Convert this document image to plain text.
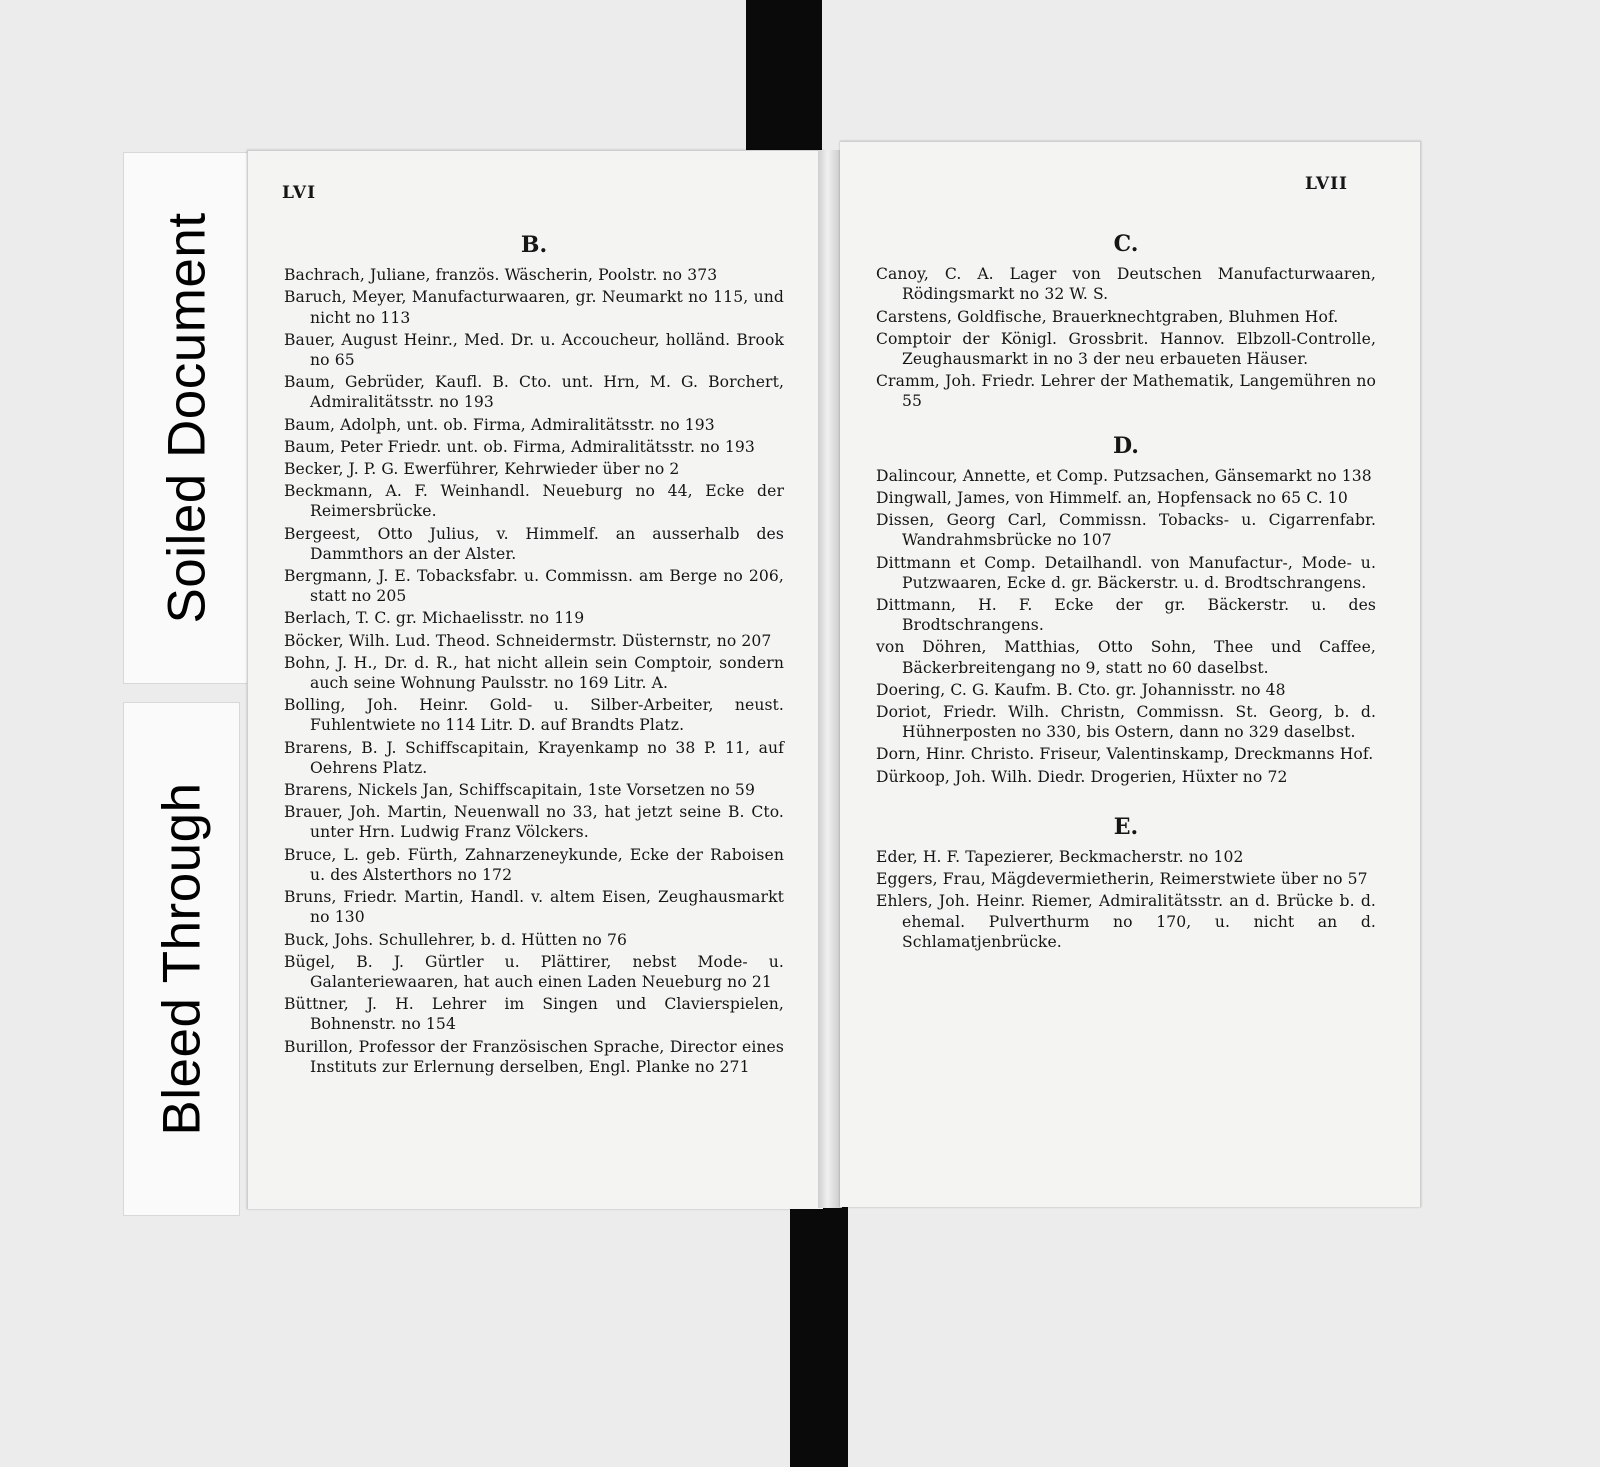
Soiled Document
Bleed Through
LVI
B.
Bachrach, Juliane, französ. Wäscherin, Poolstr. no 373
Baruch, Meyer, Manufacturwaaren, gr. Neumarkt no 115, und nicht no 113
Bauer, August Heinr., Med. Dr. u. Accoucheur, holländ. Brook no 65
Baum, Gebrüder, Kaufl. B. Cto. unt. Hrn, M. G. Borchert, Admiralitätsstr. no 193
Baum, Adolph, unt. ob. Firma, Admiralitätsstr. no 193
Baum, Peter Friedr. unt. ob. Firma, Admiralitätsstr. no 193
Becker, J. P. G. Ewerführer, Kehrwieder über no 2
Beckmann, A. F. Weinhandl. Neueburg no 44, Ecke der Reimersbrücke.
Bergeest, Otto Julius, v. Himmelf. an ausserhalb des Dammthors an der Alster.
Bergmann, J. E. Tobacksfabr. u. Commissn. am Berge no 206, statt no 205
Berlach, T. C. gr. Michaelisstr. no 119
Böcker, Wilh. Lud. Theod. Schneidermstr. Düsternstr, no 207
Bohn, J. H., Dr. d. R., hat nicht allein sein Comptoir, sondern auch seine Wohnung Paulsstr. no 169 Litr. A.
Bolling, Joh. Heinr. Gold- u. Silber-Arbeiter, neust. Fuhlentwiete no 114 Litr. D. auf Brandts Platz.
Brarens, B. J. Schiffscapitain, Krayenkamp no 38 P. 11, auf Oehrens Platz.
Brarens, Nickels Jan, Schiffscapitain, 1ste Vorsetzen no 59
Brauer, Joh. Martin, Neuenwall no 33, hat jetzt seine B. Cto. unter Hrn. Ludwig Franz Völckers.
Bruce, L. geb. Fürth, Zahnarzeneykunde, Ecke der Raboisen u. des Alsterthors no 172
Bruns, Friedr. Martin, Handl. v. altem Eisen, Zeughausmarkt no 130
Buck, Johs. Schullehrer, b. d. Hütten no 76
Bügel, B. J. Gürtler u. Plättirer, nebst Mode- u. Galanteriewaaren, hat auch einen Laden Neueburg no 21
Büttner, J. H. Lehrer im Singen und Clavierspielen, Bohnenstr. no 154
Burillon, Professor der Französischen Sprache, Director eines Instituts zur Erlernung derselben, Engl. Planke no 271
LVII
C.
Canoy, C. A. Lager von Deutschen Manufacturwaaren, Rödingsmarkt no 32 W. S.
Carstens, Goldfische, Brauerknechtgraben, Bluhmen Hof.
Comptoir der Königl. Grossbrit. Hannov. Elbzoll-Controlle, Zeughausmarkt in no 3 der neu erbaueten Häuser.
Cramm, Joh. Friedr. Lehrer der Mathematik, Langemühren no 55
D.
Dalincour, Annette, et Comp. Putzsachen, Gänsemarkt no 138
Dingwall, James, von Himmelf. an, Hopfensack no 65 C. 10
Dissen, Georg Carl, Commissn. Tobacks- u. Cigarrenfabr. Wandrahmsbrücke no 107
Dittmann et Comp. Detailhandl. von Manufactur-, Mode- u. Putzwaaren, Ecke d. gr. Bäckerstr. u. d. Brodtschrangens.
Dittmann, H. F. Ecke der gr. Bäckerstr. u. des Brodtschrangens.
von Döhren, Matthias, Otto Sohn, Thee und Caffee, Bäckerbreitengang no 9, statt no 60 daselbst.
Doering, C. G. Kaufm. B. Cto. gr. Johannisstr. no 48
Doriot, Friedr. Wilh. Christn, Commissn. St. Georg, b. d. Hühnerposten no 330, bis Ostern, dann no 329 daselbst.
Dorn, Hinr. Christo. Friseur, Valentinskamp, Dreckmanns Hof.
Dürkoop, Joh. Wilh. Diedr. Drogerien, Hüxter no 72
E.
Eder, H. F. Tapezierer, Beckmacherstr. no 102
Eggers, Frau, Mägdevermietherin, Reimerstwiete über no 57
Ehlers, Joh. Heinr. Riemer, Admiralitätsstr. an d. Brücke b. d. ehemal. Pulverthurm no 170, u. nicht an d. Schlamatjenbrücke.
